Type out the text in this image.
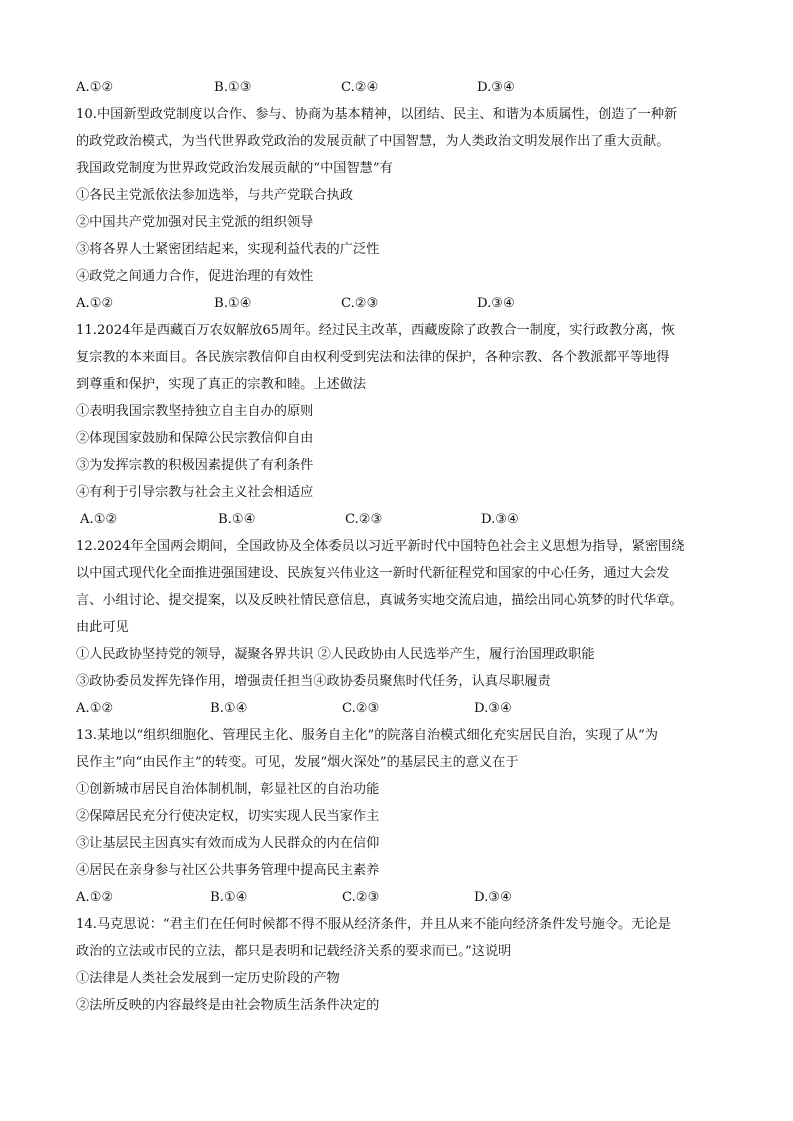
A.①②	B.①③	C.②④	D.③④
10.中国新型政党制度以合作、参与、协商为基本精神，以团结、民主、和谐为本质属性，创造了一种新
的政党政治模式，为当代世界政党政治的发展贡献了中国智慧，为人类政治文明发展作出了重大贡献。
我国政党制度为世界政党政治发展贡献的“中国智慧”有
①各民主党派依法参加选举，与共产党联合执政
②中国共产党加强对民主党派的组织领导
③将各界人士紧密团结起来，实现利益代表的广泛性
④政党之间通力合作，促进治理的有效性
A.①②	B.①④	C.②③	D.③④
11.2024年是西藏百万农奴解放65周年。经过民主改革，西藏废除了政教合一制度，实行政教分离，恢
复宗教的本来面目。各民族宗教信仰自由权利受到宪法和法律的保护，各种宗教、各个教派都平等地得
到尊重和保护，实现了真正的宗教和睦。上述做法
①表明我国宗教坚持独立自主自办的原则
②体现国家鼓励和保障公民宗教信仰自由
③为发挥宗教的积极因素提供了有利条件
④有利于引导宗教与社会主义社会相适应
A.①②	B.①④	C.②③	D.③④
12.2024年全国两会期间，全国政协及全体委员以习近平新时代中国特色社会主义思想为指导，紧密围绕
以中国式现代化全面推进强国建设、民族复兴伟业这一新时代新征程党和国家的中心任务，通过大会发
言、小组讨论、提交提案，以及反映社情民意信息，真诚务实地交流启迪，描绘出同心筑梦的时代华章。
由此可见
①人民政协坚持党的领导，凝聚各界共识 ②人民政协由人民选举产生，履行治国理政职能
③政协委员发挥先锋作用，增强责任担当④政协委员聚焦时代任务，认真尽职履责
A.①②	B.①④	C.②③	D.③④
13.某地以“组织细胞化、管理民主化、服务自主化”的院落自治模式细化充实居民自治，实现了从“为
民作主”向“由民作主”的转变。可见，发展“烟火深处”的基层民主的意义在于
①创新城市居民自治体制机制，彰显社区的自治功能
②保障居民充分行使决定权，切实实现人民当家作主
③让基层民主因真实有效而成为人民群众的内在信仰
④居民在亲身参与社区公共事务管理中提高民主素养
A.①②	B.①④	C.②③	D.③④
14.马克思说：“君主们在任何时候都不得不服从经济条件，并且从来不能向经济条件发号施令。无论是
政治的立法或市民的立法，都只是表明和记载经济关系的要求而已。”这说明
①法律是人类社会发展到一定历史阶段的产物
②法所反映的内容最终是由社会物质生活条件决定的
